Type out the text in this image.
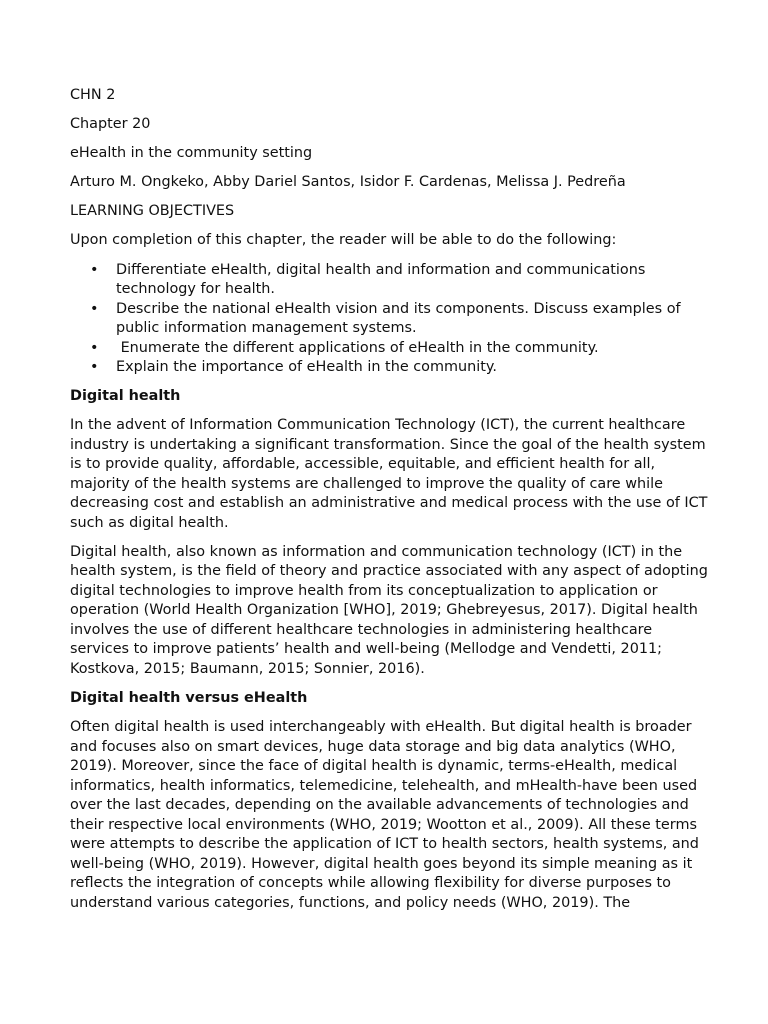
CHN 2

Chapter 20

eHealth in the community setting

Arturo M. Ongkeko, Abby Dariel Santos, Isidor F. Cardenas, Melissa J. Pedreña

LEARNING OBJECTIVES

Upon completion of this chapter, the reader will be able to do the following:

• Differentiate eHealth, digital health and information and communications technology for health.
• Describe the national eHealth vision and its components. Discuss examples of public information management systems.
• Enumerate the different applications of eHealth in the community.
• Explain the importance of eHealth in the community.

Digital health

In the advent of Information Communication Technology (ICT), the current healthcare industry is undertaking a significant transformation. Since the goal of the health system is to provide quality, affordable, accessible, equitable, and efficient health for all, majority of the health systems are challenged to improve the quality of care while decreasing cost and establish an administrative and medical process with the use of ICT such as digital health.

Digital health, also known as information and communication technology (ICT) in the health system, is the field of theory and practice associated with any aspect of adopting digital technologies to improve health from its conceptualization to application or operation (World Health Organization [WHO], 2019; Ghebreyesus, 2017). Digital health involves the use of different healthcare technologies in administering healthcare services to improve patients’ health and well-being (Mellodge and Vendetti, 2011; Kostkova, 2015; Baumann, 2015; Sonnier, 2016).

Digital health versus eHealth

Often digital health is used interchangeably with eHealth. But digital health is broader and focuses also on smart devices, huge data storage and big data analytics (WHO, 2019). Moreover, since the face of digital health is dynamic, terms-eHealth, medical informatics, health informatics, telemedicine, telehealth, and mHealth-have been used over the last decades, depending on the available advancements of technologies and their respective local environments (WHO, 2019; Wootton et al., 2009). All these terms were attempts to describe the application of ICT to health sectors, health systems, and well-being (WHO, 2019). However, digital health goes beyond its simple meaning as it reflects the integration of concepts while allowing flexibility for diverse purposes to understand various categories, functions, and policy needs (WHO, 2019). The
